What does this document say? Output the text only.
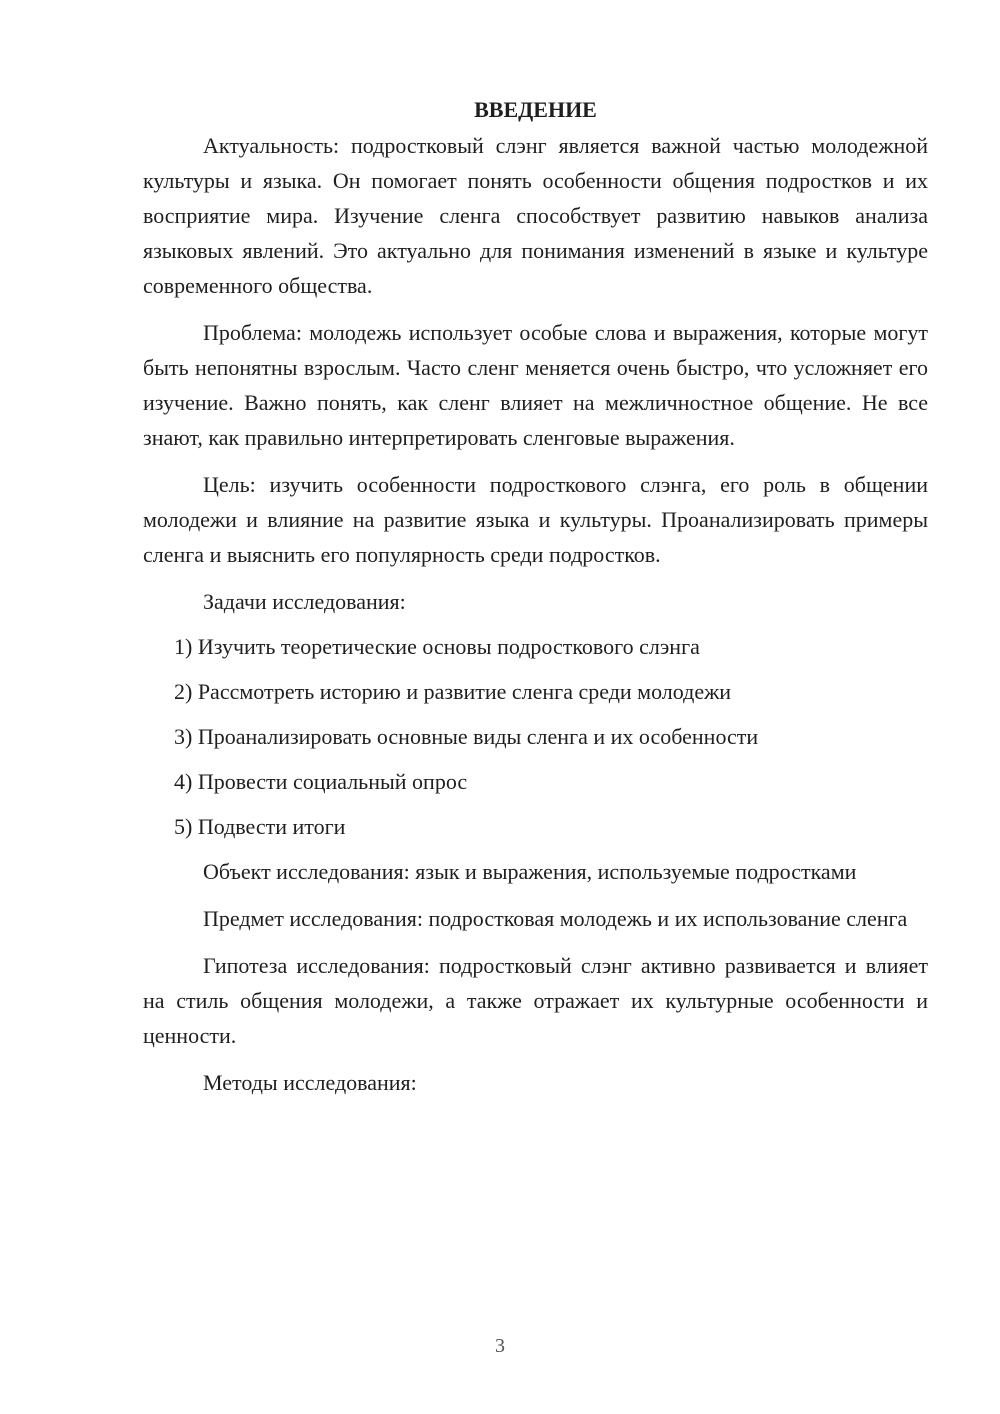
ВВЕДЕНИЕ

Актуальность: подростковый слэнг является важной частью молодежной культуры и языка. Он помогает понять особенности общения подростков и их восприятие мира. Изучение сленга способствует развитию навыков анализа языковых явлений. Это актуально для понимания изменений в языке и культуре современного общества.

Проблема: молодежь использует особые слова и выражения, которые могут быть непонятны взрослым. Часто сленг меняется очень быстро, что усложняет его изучение. Важно понять, как сленг влияет на межличностное общение. Не все знают, как правильно интерпретировать сленговые выражения.

Цель: изучить особенности подросткового слэнга, его роль в общении молодежи и влияние на развитие языка и культуры. Проанализировать примеры сленга и выяснить его популярность среди подростков.

Задачи исследования:

1) Изучить теоретические основы подросткового слэнга
2) Рассмотреть историю и развитие сленга среди молодежи
3) Проанализировать основные виды сленга и их особенности
4) Провести социальный опрос
5) Подвести итоги

Объект исследования: язык и выражения, используемые подростками

Предмет исследования: подростковая молодежь и их использование сленга

Гипотеза исследования: подростковый слэнг активно развивается и влияет на стиль общения молодежи, а также отражает их культурные особенности и ценности.

Методы исследования:

3
